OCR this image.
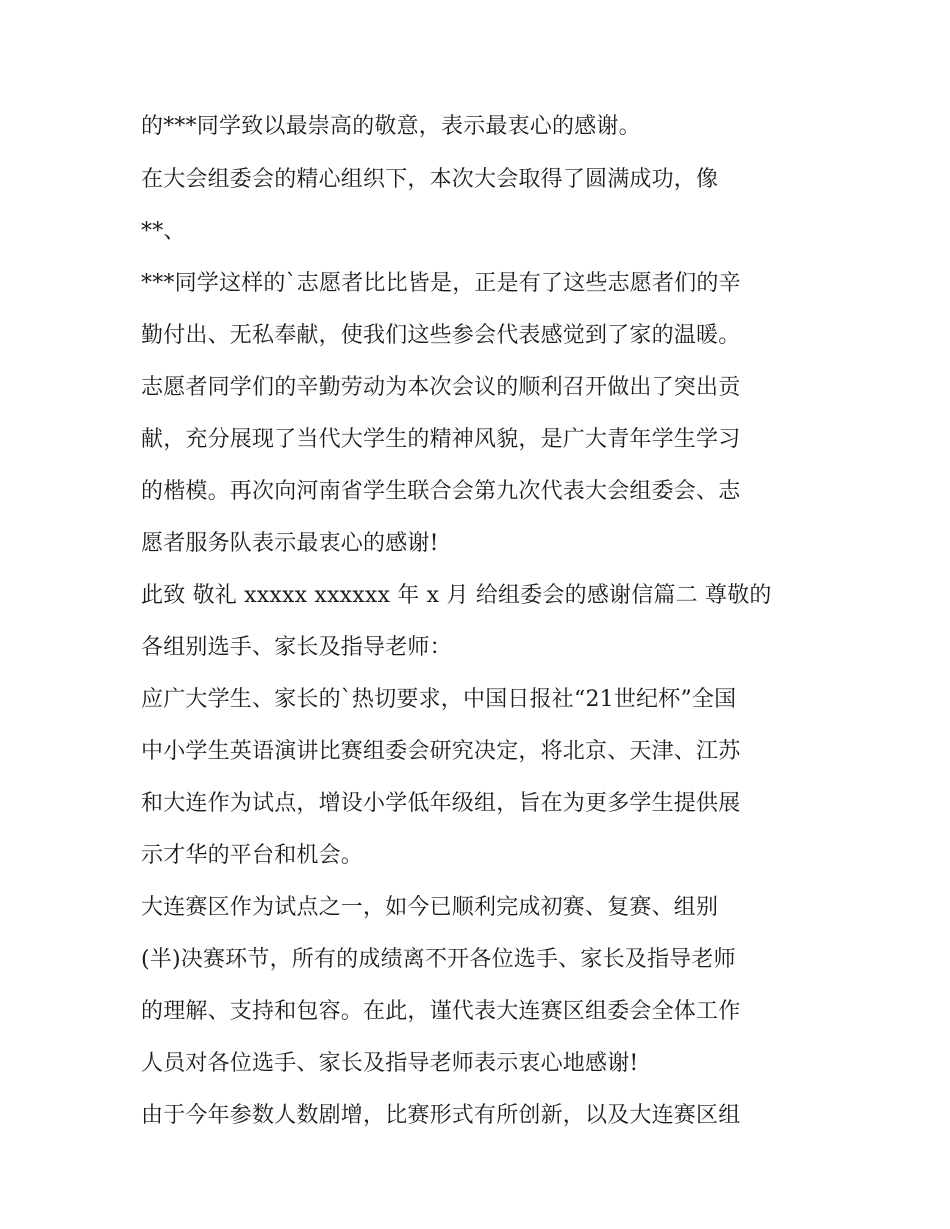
的***同学致以最崇高的敬意，表示最衷心的感谢。
在大会组委会的精心组织下，本次大会取得了圆满成功，像
**、
***同学这样的`志愿者比比皆是，正是有了这些志愿者们的辛
勤付出、无私奉献，使我们这些参会代表感觉到了家的温暖。
志愿者同学们的辛勤劳动为本次会议的顺利召开做出了突出贡
献，充分展现了当代大学生的精神风貌，是广大青年学生学习
的楷模。再次向河南省学生联合会第九次代表大会组委会、志
愿者服务队表示最衷心的感谢!
此致 敬礼 xxxxx xxxxxx 年 x 月 给组委会的感谢信篇二 尊敬的
各组别选手、家长及指导老师：
应广大学生、家长的`热切要求，中国日报社“21世纪杯”全国
中小学生英语演讲比赛组委会研究决定，将北京、天津、江苏
和大连作为试点，增设小学低年级组，旨在为更多学生提供展
示才华的平台和机会。
大连赛区作为试点之一，如今已顺利完成初赛、复赛、组别
(半)决赛环节，所有的成绩离不开各位选手、家长及指导老师
的理解、支持和包容。在此，谨代表大连赛区组委会全体工作
人员对各位选手、家长及指导老师表示衷心地感谢!
由于今年参数人数剧增，比赛形式有所创新，以及大连赛区组
